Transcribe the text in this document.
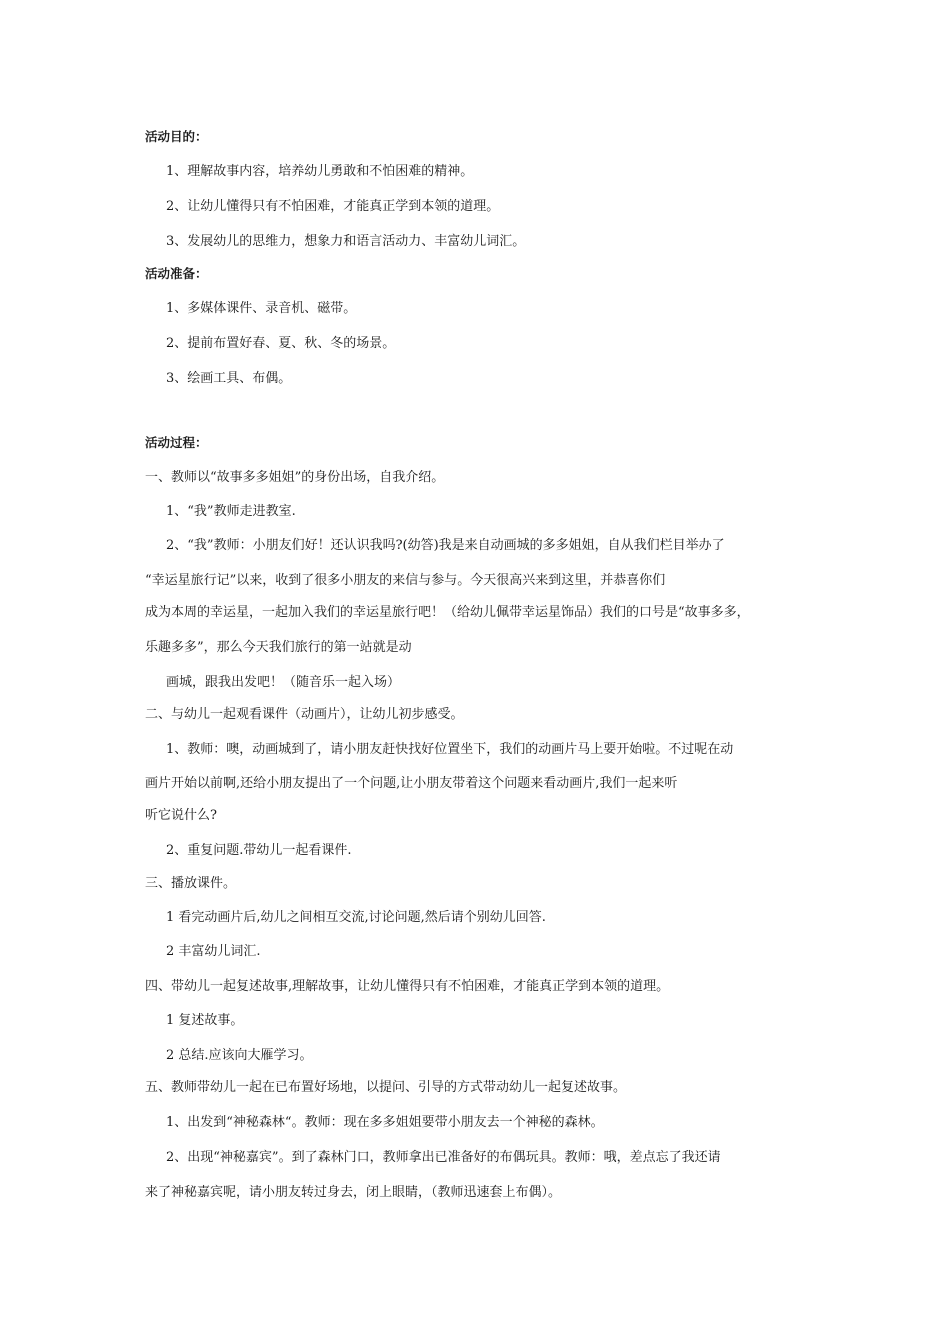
活动目的：
1、理解故事内容，培养幼儿勇敢和不怕困难的精神。
2、让幼儿懂得只有不怕困难，才能真正学到本领的道理。
3、发展幼儿的思维力，想象力和语言活动力、丰富幼儿词汇。
活动准备：
1、多媒体课件、录音机、磁带。
2、提前布置好春、夏、秋、冬的场景。
3、绘画工具、布偶。
活动过程：
一、教师以“故事多多姐姐”的身份出场，自我介绍。
1、“我”教师走进教室.
2、“我”教师：小朋友们好！还认识我吗?(幼答)我是来自动画城的多多姐姐，自从我们栏目举办了
“幸运星旅行记”以来，收到了很多小朋友的来信与参与。今天很高兴来到这里，并恭喜你们
成为本周的幸运星，一起加入我们的幸运星旅行吧！（给幼儿佩带幸运星饰品）我们的口号是“故事多多，
乐趣多多”，那么今天我们旅行的第一站就是动
画城，跟我出发吧！（随音乐一起入场）
二、与幼儿一起观看课件（动画片），让幼儿初步感受。
1、教师：噢，动画城到了，请小朋友赶快找好位置坐下，我们的动画片马上要开始啦。不过呢在动
画片开始以前啊,还给小朋友提出了一个问题,让小朋友带着这个问题来看动画片,我们一起来听
听它说什么?
2、重复问题.带幼儿一起看课件.
三、播放课件。
1 看完动画片后,幼儿之间相互交流,讨论问题,然后请个别幼儿回答.
2 丰富幼儿词汇.
四、带幼儿一起复述故事,理解故事，让幼儿懂得只有不怕困难，才能真正学到本领的道理。
1 复述故事。
2 总结.应该向大雁学习。
五、教师带幼儿一起在已布置好场地，以提问、引导的方式带动幼儿一起复述故事。
1、出发到“神秘森林“。教师：现在多多姐姐要带小朋友去一个神秘的森林。
2、出现“神秘嘉宾”。到了森林门口，教师拿出已准备好的布偶玩具。教师：哦，差点忘了我还请
来了神秘嘉宾呢，请小朋友转过身去，闭上眼睛，（教师迅速套上布偶）。
